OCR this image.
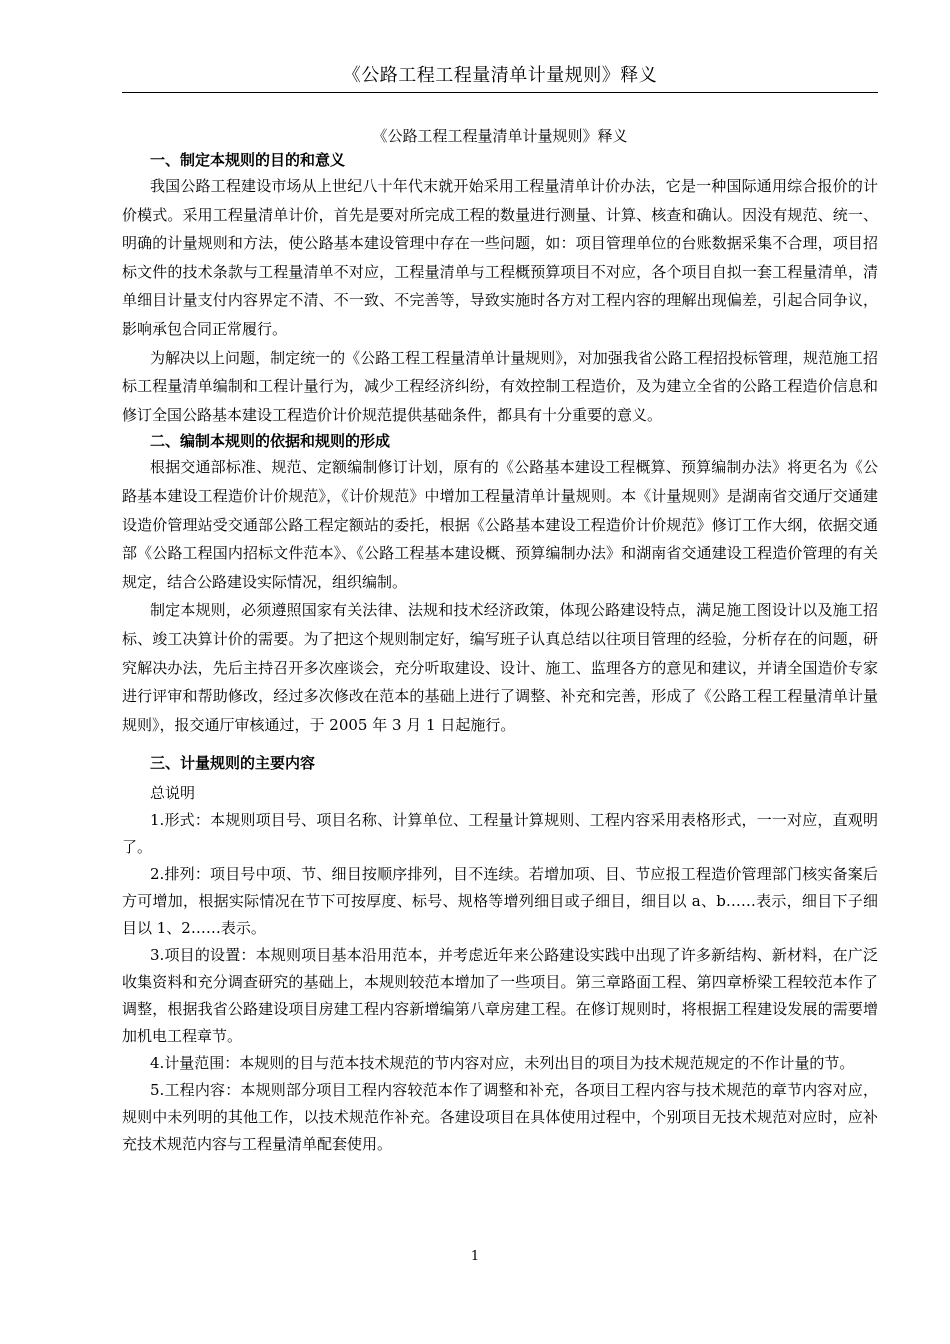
《公路工程工程量清单计量规则》释义

《公路工程工程量清单计量规则》释义

一、制定本规则的目的和意义

我国公路工程建设市场从上世纪八十年代末就开始采用工程量清单计价办法，它是一种国际通用综合报价的计价模式。采用工程量清单计价，首先是要对所完成工程的数量进行测量、计算、核查和确认。因没有规范、统一、明确的计量规则和方法，使公路基本建设管理中存在一些问题，如：项目管理单位的台账数据采集不合理，项目招标文件的技术条款与工程量清单不对应，工程量清单与工程概预算项目不对应，各个项目自拟一套工程量清单，清单细目计量支付内容界定不清、不一致、不完善等，导致实施时各方对工程内容的理解出现偏差，引起合同争议，影响承包合同正常履行。

为解决以上问题，制定统一的《公路工程工程量清单计量规则》，对加强我省公路工程招投标管理，规范施工招标工程量清单编制和工程计量行为，减少工程经济纠纷，有效控制工程造价，及为建立全省的公路工程造价信息和修订全国公路基本建设工程造价计价规范提供基础条件，都具有十分重要的意义。

二、编制本规则的依据和规则的形成

根据交通部标准、规范、定额编制修订计划，原有的《公路基本建设工程概算、预算编制办法》将更名为《公路基本建设工程造价计价规范》，《计价规范》中增加工程量清单计量规则。本《计量规则》是湖南省交通厅交通建设造价管理站受交通部公路工程定额站的委托，根据《公路基本建设工程造价计价规范》修订工作大纲，依据交通部《公路工程国内招标文件范本》、《公路工程基本建设概、预算编制办法》和湖南省交通建设工程造价管理的有关规定，结合公路建设实际情况，组织编制。

制定本规则，必须遵照国家有关法律、法规和技术经济政策，体现公路建设特点，满足施工图设计以及施工招标、竣工决算计价的需要。为了把这个规则制定好，编写班子认真总结以往项目管理的经验，分析存在的问题，研究解决办法，先后主持召开多次座谈会，充分听取建设、设计、施工、监理各方的意见和建议，并请全国造价专家进行评审和帮助修改，经过多次修改在范本的基础上进行了调整、补充和完善，形成了《公路工程工程量清单计量规则》，报交通厅审核通过，于 2005 年 3 月 1 日起施行。

三、计量规则的主要内容

总说明

1.形式：本规则项目号、项目名称、计算单位、工程量计算规则、工程内容采用表格形式，一一对应，直观明了。

2.排列：项目号中项、节、细目按顺序排列，目不连续。若增加项、目、节应报工程造价管理部门核实备案后方可增加，根据实际情况在节下可按厚度、标号、规格等增列细目或子细目，细目以 a、b……表示，细目下子细目以 1、2……表示。

3.项目的设置：本规则项目基本沿用范本，并考虑近年来公路建设实践中出现了许多新结构、新材料，在广泛收集资料和充分调查研究的基础上，本规则较范本增加了一些项目。第三章路面工程、第四章桥梁工程较范本作了调整，根据我省公路建设项目房建工程内容新增编第八章房建工程。在修订规则时，将根据工程建设发展的需要增加机电工程章节。

4.计量范围：本规则的目与范本技术规范的节内容对应，未列出目的项目为技术规范规定的不作计量的节。

5.工程内容：本规则部分项目工程内容较范本作了调整和补充，各项目工程内容与技术规范的章节内容对应，规则中未列明的其他工作，以技术规范作补充。各建设项目在具体使用过程中，个别项目无技术规范对应时，应补充技术规范内容与工程量清单配套使用。

1
